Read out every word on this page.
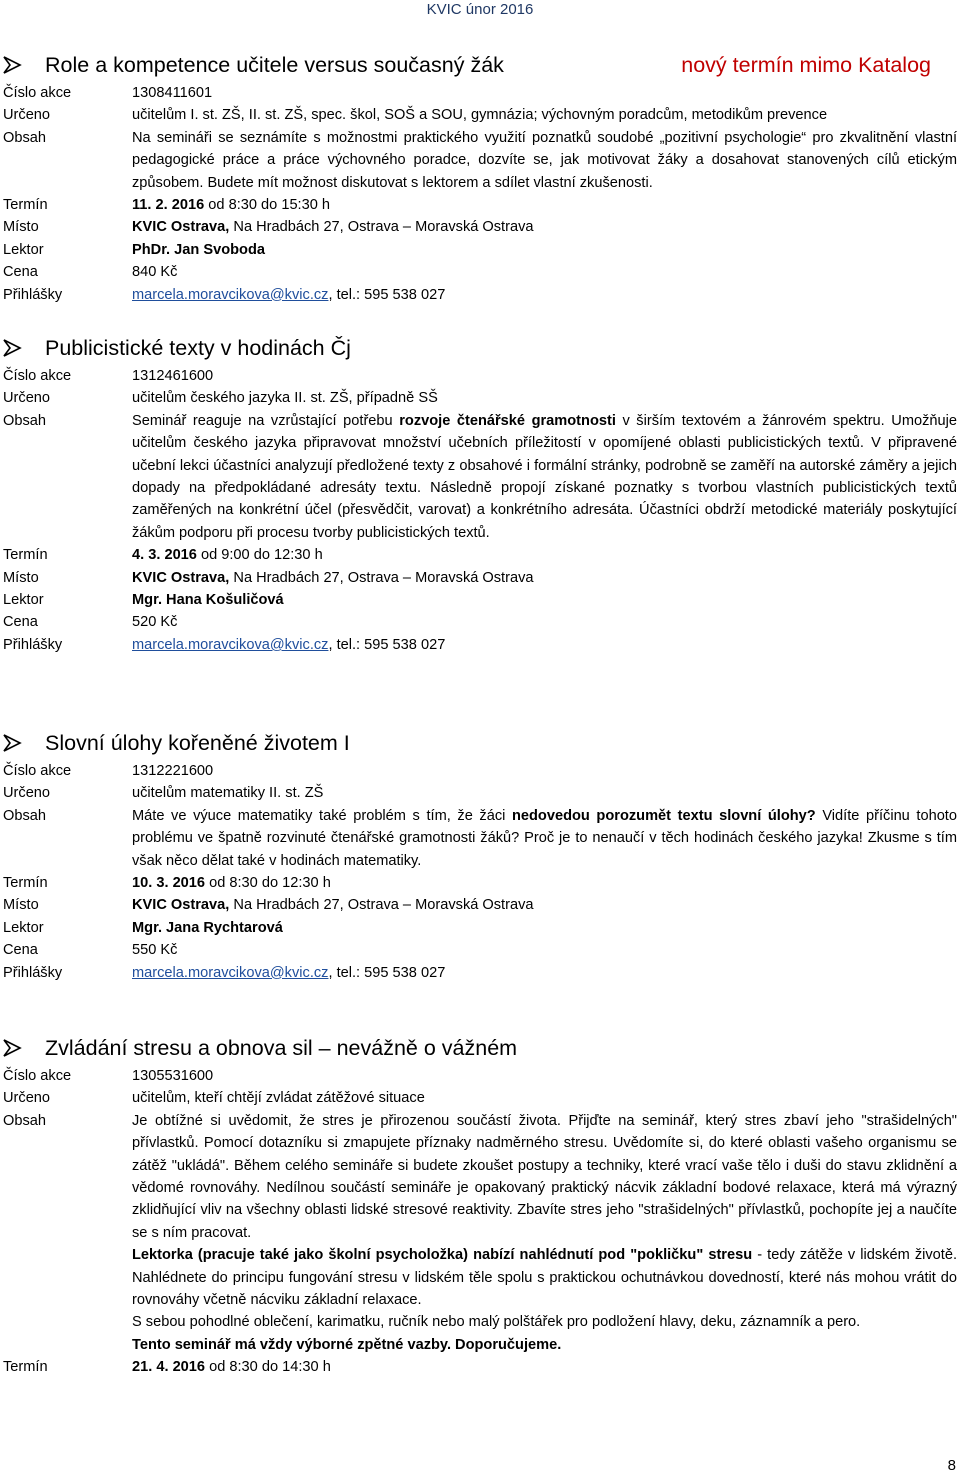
KVIC únor 2016
Role a kompetence učitele versus současný žák	nový termín mimo Katalog
Číslo akce	1308411601
Určeno	učitelům I. st. ZŠ, II. st. ZŠ, spec. škol, SOŠ a SOU, gymnázia; výchovným poradcům, metodikům prevence
Obsah	Na semináři se seznámíte s možnostmi praktického využití poznatků soudobé „pozitivní psychologie“ pro zkvalitnění vlastní pedagogické práce a práce výchovného poradce, dozvíte se, jak motivovat žáky a dosahovat stanovených cílů etickým způsobem. Budete mít možnost diskutovat s lektorem a sdílet vlastní zkušenosti.
Termín	11. 2. 2016 od 8:30 do 15:30 h
Místo	KVIC Ostrava, Na Hradbách 27, Ostrava – Moravská Ostrava
Lektor	PhDr. Jan Svoboda
Cena	840 Kč
Přihlášky	marcela.moravcikova@kvic.cz, tel.: 595 538 027
Publicistické texty v hodinách Čj
Číslo akce	1312461600
Určeno	učitelům českého jazyka II. st. ZŠ, případně SŠ
Obsah	Seminář reaguje na vzrůstající potřebu rozvoje čtenářské gramotnosti v širším textovém a žánrovém spektru. Umožňuje učitelům českého jazyka připravovat množství učebních příležitostí v opomíjené oblasti publicistických textů. V připravené učební lekci účastníci analyzují předložené texty z obsahové i formální stránky, podrobně se zaměří na autorské záměry a jejich dopady na předpokládané adresáty textu. Následně propojí získané poznatky s tvorbou vlastních publicistických textů zaměřených na konkrétní účel (přesvědčit, varovat) a konkrétního adresáta. Účastníci obdrží metodické materiály poskytující žákům podporu při procesu tvorby publicistických textů.
Termín	4. 3. 2016 od 9:00 do 12:30 h
Místo	KVIC Ostrava, Na Hradbách 27, Ostrava – Moravská Ostrava
Lektor	Mgr. Hana Košuličová
Cena	520 Kč
Přihlášky	marcela.moravcikova@kvic.cz, tel.: 595 538 027
Slovní úlohy kořeněné životem I
Číslo akce	1312221600
Určeno	učitelům matematiky II. st. ZŠ
Obsah	Máte ve výuce matematiky také problém s tím, že žáci nedovedou porozumět textu slovní úlohy? Vidíte příčinu tohoto problému ve špatně rozvinuté čtenářské gramotnosti žáků? Proč je to nenaučí v těch hodinách českého jazyka! Zkusme s tím však něco dělat také v hodinách matematiky.
Termín	10. 3. 2016 od 8:30 do 12:30 h
Místo	KVIC Ostrava, Na Hradbách 27, Ostrava – Moravská Ostrava
Lektor	Mgr. Jana Rychtarová
Cena	550 Kč
Přihlášky	marcela.moravcikova@kvic.cz, tel.: 595 538 027
Zvládání stresu a obnova sil – nevážně o vážném
Číslo akce	1305531600
Určeno	učitelům, kteří chtějí zvládat zátěžové situace
Obsah	Je obtížné si uvědomit, že stres je přirozenou součástí života. Přijďte na seminář, který stres zbaví jeho "strašidelných" přívlastků. Pomocí dotazníku si zmapujete příznaky nadměrného stresu. Uvědomíte si, do které oblasti vašeho organismu se zátěž "ukládá". Během celého semináře si budete zkoušet postupy a techniky, které vrací vaše tělo i duši do stavu zklidnění a vědomé rovnováhy. Nedílnou součástí semináře je opakovaný praktický nácvik základní bodové relaxace, která má výrazný zklidňující vliv na všechny oblasti lidské stresové reaktivity. Zbavíte stres jeho "strašidelných" přívlastků, pochopíte jej a naučíte se s ním pracovat.

Lektorka (pracuje také jako školní psycholožka) nabízí nahlédnutí pod "pokličku" stresu - tedy zátěže v lidském životě. Nahlédnete do principu fungování stresu v lidském těle spolu s praktickou ochutnávkou dovedností, které nás mohou vrátit do rovnováhy včetně nácviku základní relaxace.

S sebou pohodlné oblečení, karimatku, ručník nebo malý polštářek pro podložení hlavy, deku, záznamník a pero.

Tento seminář má vždy výborné zpětné vazby. Doporučujeme.

Termín	21. 4. 2016 od 8:30 do 14:30 h
8
